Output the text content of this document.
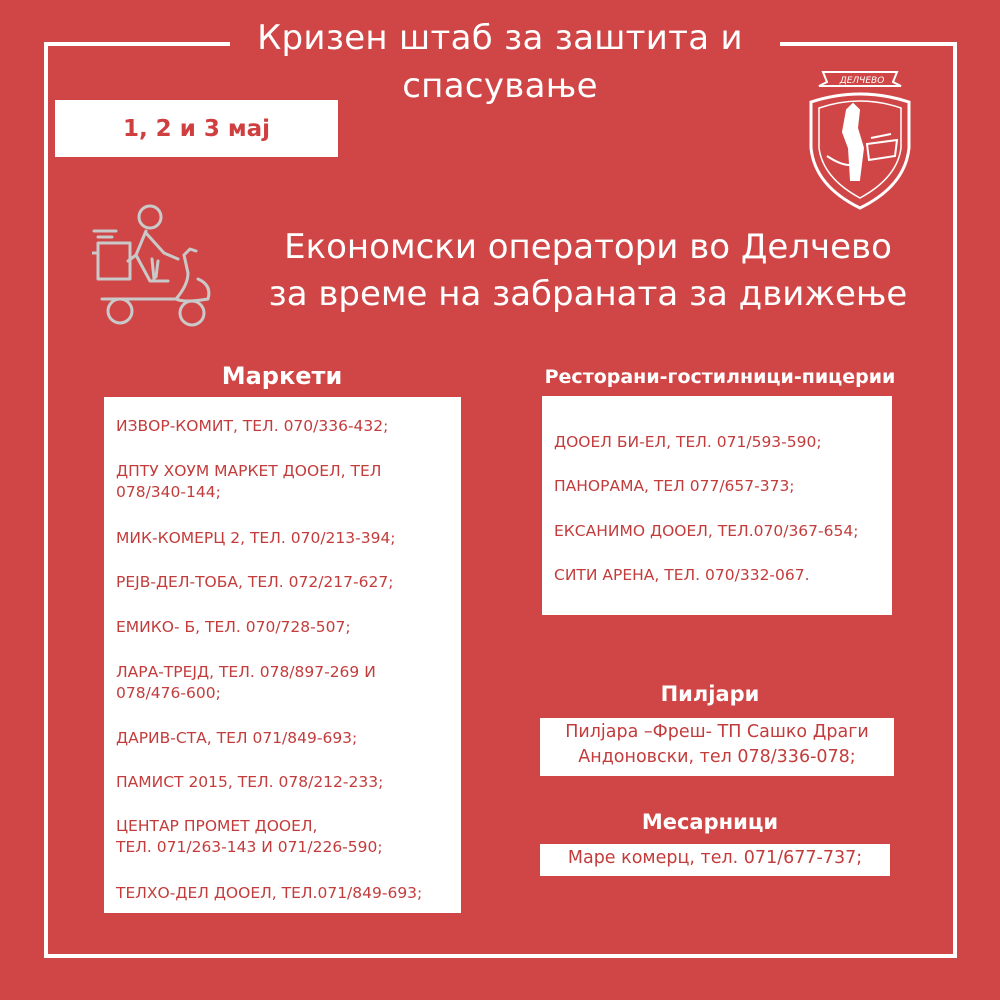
Кризен штаб за заштита и
спасување
1, 2 и 3 мај
ДЕЛЧЕВО
Економски оператори во Делчево
за време на забраната за движење
Маркети
ИЗВОР-КОМИТ, ТЕЛ. 070/336-432;
ДПТУ ХОУМ МАРКЕТ ДООЕЛ, ТЕЛ
078/340-144;
МИК-КОМЕРЦ 2, ТЕЛ. 070/213-394;
РЕЈВ-ДЕЛ-ТОБА, ТЕЛ. 072/217-627;
ЕМИКО- Б, ТЕЛ. 070/728-507;
ЛАРА-ТРЕЈД, ТЕЛ. 078/897-269 И
078/476-600;
ДАРИВ-СТА, ТЕЛ 071/849-693;
ПАМИСТ 2015, ТЕЛ. 078/212-233;
ЦЕНТАР ПРОМЕТ ДООЕЛ,
ТЕЛ. 071/263-143 И 071/226-590;
ТЕЛХО-ДЕЛ ДООЕЛ, ТЕЛ.071/849-693;
Ресторани-гостилници-пицерии
ДООЕЛ БИ-ЕЛ, ТЕЛ. 071/593-590;
ПАНОРАМА, ТЕЛ 077/657-373;
ЕКСАНИМО ДООЕЛ, ТЕЛ.070/367-654;
СИТИ АРЕНА, ТЕЛ. 070/332-067.
Пилјари
Пилјара –Фреш- ТП Сашко Драги
Андоновски, тел 078/336-078;
Месарници
Маре комерц, тел. 071/677-737;
